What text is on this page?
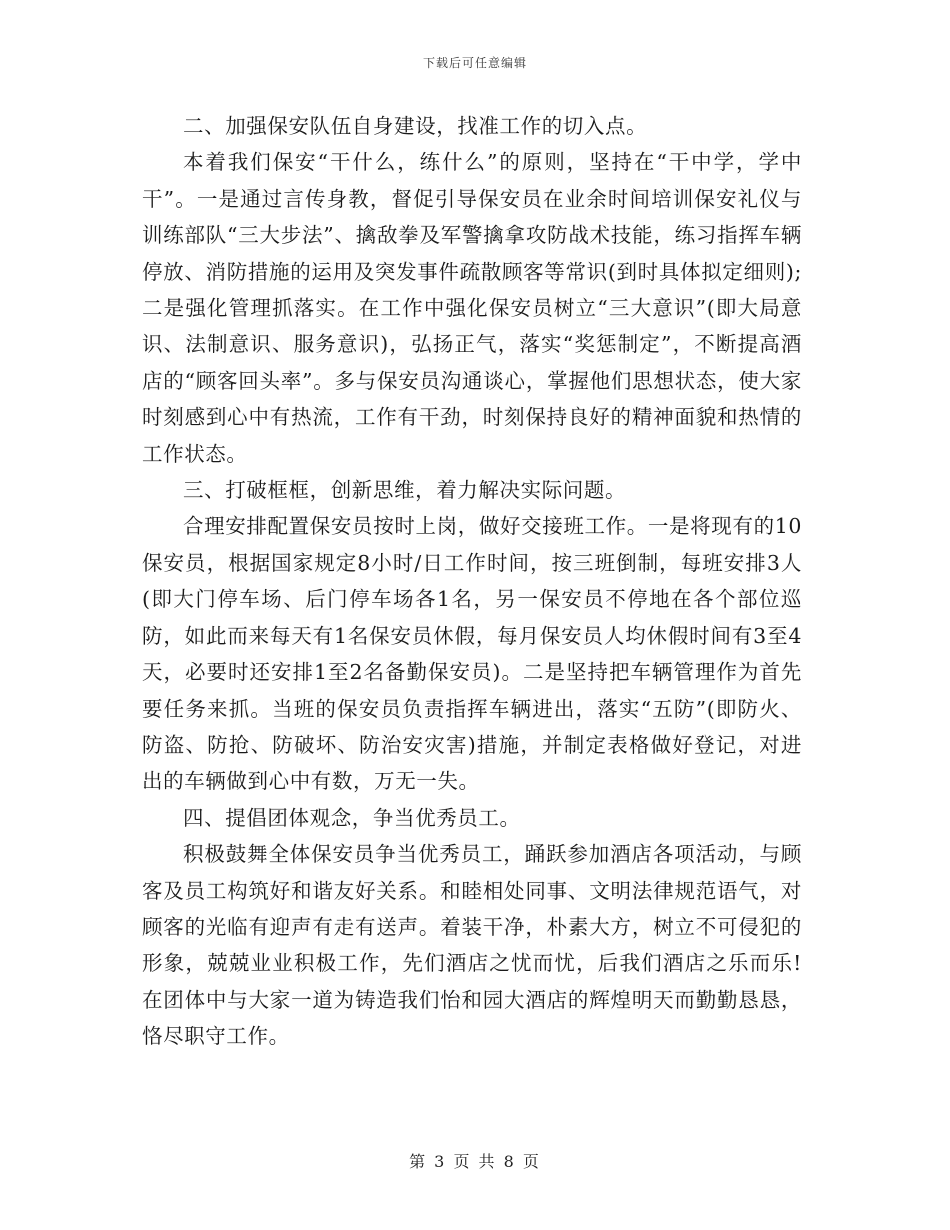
下载后可任意编辑

二、加强保安队伍自身建设，找准工作的切入点。

本着我们保安“干什么，练什么”的原则，坚持在“干中学，学中干”。一是通过言传身教，督促引导保安员在业余时间培训保安礼仪与训练部队“三大步法”、擒敌拳及军警擒拿攻防战术技能，练习指挥车辆停放、消防措施的运用及突发事件疏散顾客等常识(到时具体拟定细则);二是强化管理抓落实。在工作中强化保安员树立“三大意识”(即大局意识、法制意识、服务意识)，弘扬正气，落实“奖惩制定”，不断提高酒店的“顾客回头率”。多与保安员沟通谈心，掌握他们思想状态，使大家时刻感到心中有热流，工作有干劲，时刻保持良好的精神面貌和热情的工作状态。

三、打破框框，创新思维，着力解决实际问题。

合理安排配置保安员按时上岗，做好交接班工作。一是将现有的10保安员，根据国家规定8小时/日工作时间，按三班倒制，每班安排3人(即大门停车场、后门停车场各1名，另一保安员不停地在各个部位巡防，如此而来每天有1名保安员休假，每月保安员人均休假时间有3至4天，必要时还安排1至2名备勤保安员)。二是坚持把车辆管理作为首先要任务来抓。当班的保安员负责指挥车辆进出，落实“五防”(即防火、防盗、防抢、防破坏、防治安灾害)措施，并制定表格做好登记，对进出的车辆做到心中有数，万无一失。

四、提倡团体观念，争当优秀员工。

积极鼓舞全体保安员争当优秀员工，踊跃参加酒店各项活动，与顾客及员工构筑好和谐友好关系。和睦相处同事、文明法律规范语气，对顾客的光临有迎声有走有送声。着装干净，朴素大方，树立不可侵犯的形象，兢兢业业积极工作，先们酒店之忧而忧，后我们酒店之乐而乐!在团体中与大家一道为铸造我们怡和园大酒店的辉煌明天而勤勤恳恳，恪尽职守工作。

第 3 页 共 8 页
